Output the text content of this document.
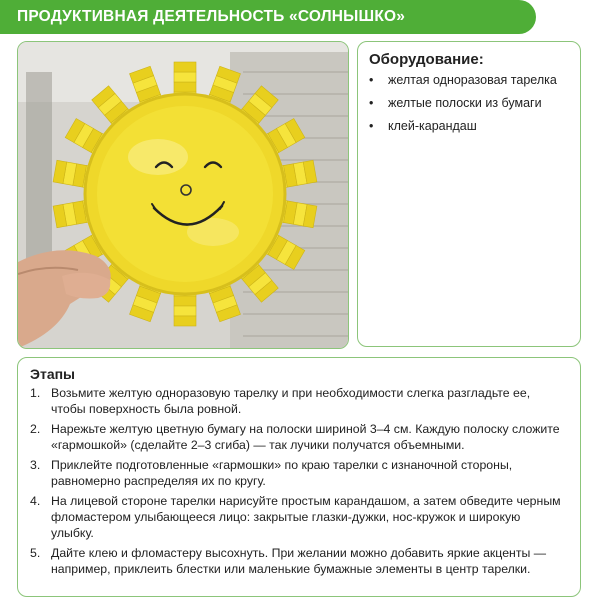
ПРОДУКТИВНАЯ ДЕЯТЕЛЬНОСТЬ «СОЛНЫШКО»
Оборудование:
• желтая одноразовая тарелка
• желтые полоски из бумаги
• клей-карандаш
Этапы
1. Возьмите желтую одноразовую тарелку и при необходимости слегка разгладьте ее, чтобы поверхность была ровной.
2. Нарежьте желтую цветную бумагу на полоски шириной 3–4 см. Каждую полоску сложите «гармошкой» (сделайте 2–3 сгиба) — так лучики получатся объемными.
3. Приклейте подготовленные «гармошки» по краю тарелки с изнаночной стороны, равномерно распределяя их по кругу.
4. На лицевой стороне тарелки нарисуйте простым карандашом, а затем обведите черным фломастером улыбающееся лицо: закрытые глазки-дужки, нос-кружок и широкую улыбку.
5. Дайте клею и фломастеру высохнуть. При желании можно добавить яркие акценты — например, приклеить блестки или маленькие бумажные элементы в центр тарелки.
